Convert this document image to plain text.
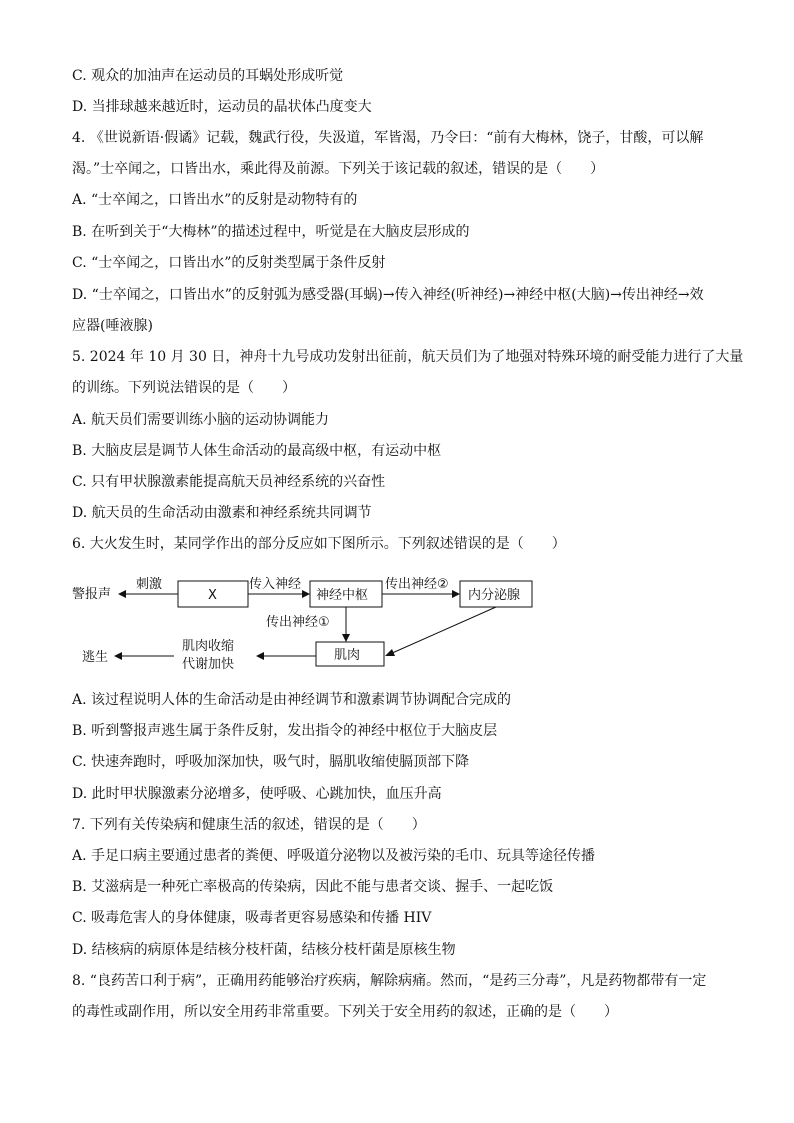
C. 观众的加油声在运动员的耳蜗处形成听觉
D. 当排球越来越近时，运动员的晶状体凸度变大
4. 《世说新语·假谲》记载，魏武行役，失汲道，军皆渴，乃令曰：“前有大梅林，饶子，甘酸，可以解
渴。”士卒闻之，口皆出水，乘此得及前源。下列关于该记载的叙述，错误的是（　　）
A. “士卒闻之，口皆出水”的反射是动物特有的
B. 在听到关于“大梅林”的描述过程中，听觉是在大脑皮层形成的
C. “士卒闻之，口皆出水”的反射类型属于条件反射
D. “士卒闻之，口皆出水”的反射弧为感受器(耳蜗)→传入神经(听神经)→神经中枢(大脑)→传出神经→效
应器(唾液腺)
5. 2024 年 10 月 30 日，神舟十九号成功发射出征前，航天员们为了地强对特殊环境的耐受能力进行了大量
的训练。下列说法错误的是（　　）
A. 航天员们需要训练小脑的运动协调能力
B. 大脑皮层是调节人体生命活动的最高级中枢，有运动中枢
C. 只有甲状腺激素能提高航天员神经系统的兴奋性
D. 航天员的生命活动由激素和神经系统共同调节
6. 大火发生时，某同学作出的部分反应如下图所示。下列叙述错误的是（　　）
警报声
刺激
X
传入神经
神经中枢
传出神经②
内分泌腺
传出神经①
肌肉
肌肉收缩
代谢加快
逃生
A. 该过程说明人体的生命活动是由神经调节和激素调节协调配合完成的
B. 听到警报声逃生属于条件反射，发出指令的神经中枢位于大脑皮层
C. 快速奔跑时，呼吸加深加快，吸气时，膈肌收缩使膈顶部下降
D. 此时甲状腺激素分泌增多，使呼吸、心跳加快，血压升高
7. 下列有关传染病和健康生活的叙述，错误的是（　　）
A. 手足口病主要通过患者的粪便、呼吸道分泌物以及被污染的毛巾、玩具等途径传播
B. 艾滋病是一种死亡率极高的传染病，因此不能与患者交谈、握手、一起吃饭
C. 吸毒危害人的身体健康，吸毒者更容易感染和传播 HIV
D. 结核病的病原体是结核分枝杆菌，结核分枝杆菌是原核生物
8. “良药苦口利于病”，正确用药能够治疗疾病，解除病痛。然而，“是药三分毒”，凡是药物都带有一定
的毒性或副作用，所以安全用药非常重要。下列关于安全用药的叙述，正确的是（　　）
